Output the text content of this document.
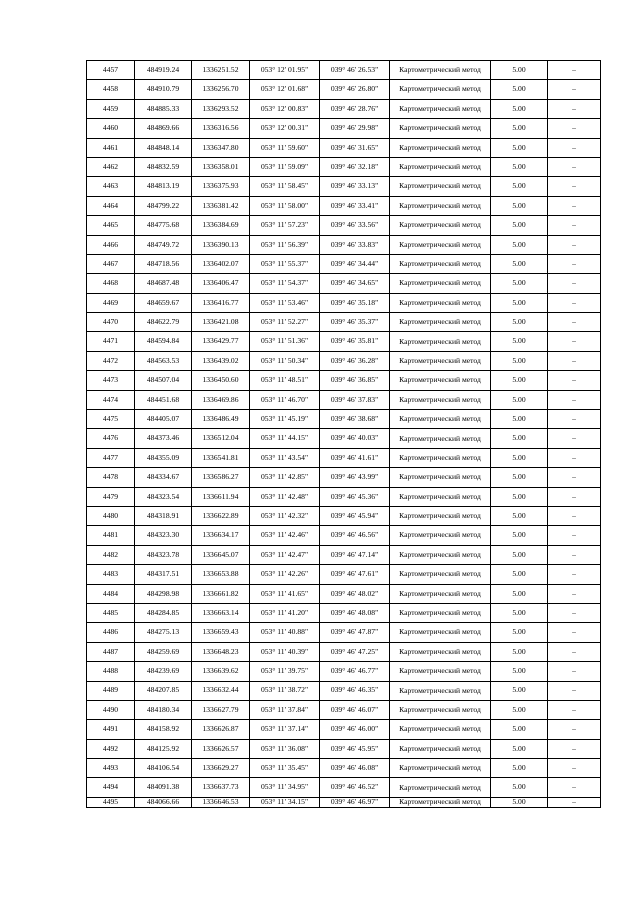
4457	484919.24	1336251.52	053° 12' 01.95"	039° 46' 26.53"	Картометрический метод	5.00	–
4458	484910.79	1336256.70	053° 12' 01.68"	039° 46' 26.80"	Картометрический метод	5.00	–
4459	484885.33	1336293.52	053° 12' 00.83"	039° 46' 28.76"	Картометрический метод	5.00	–
4460	484869.66	1336316.56	053° 12' 00.31"	039° 46' 29.98"	Картометрический метод	5.00	–
4461	484848.14	1336347.80	053° 11' 59.60"	039° 46' 31.65"	Картометрический метод	5.00	–
4462	484832.59	1336358.01	053° 11' 59.09"	039° 46' 32.18"	Картометрический метод	5.00	–
4463	484813.19	1336375.93	053° 11' 58.45"	039° 46' 33.13"	Картометрический метод	5.00	–
4464	484799.22	1336381.42	053° 11' 58.00"	039° 46' 33.41"	Картометрический метод	5.00	–
4465	484775.68	1336384.69	053° 11' 57.23"	039° 46' 33.56"	Картометрический метод	5.00	–
4466	484749.72	1336390.13	053° 11' 56.39"	039° 46' 33.83"	Картометрический метод	5.00	–
4467	484718.56	1336402.07	053° 11' 55.37"	039° 46' 34.44"	Картометрический метод	5.00	–
4468	484687.48	1336406.47	053° 11' 54.37"	039° 46' 34.65"	Картометрический метод	5.00	–
4469	484659.67	1336416.77	053° 11' 53.46"	039° 46' 35.18"	Картометрический метод	5.00	–
4470	484622.79	1336421.08	053° 11' 52.27"	039° 46' 35.37"	Картометрический метод	5.00	–
4471	484594.84	1336429.77	053° 11' 51.36"	039° 46' 35.81"	Картометрический метод	5.00	–
4472	484563.53	1336439.02	053° 11' 50.34"	039° 46' 36.28"	Картометрический метод	5.00	–
4473	484507.04	1336450.60	053° 11' 48.51"	039° 46' 36.85"	Картометрический метод	5.00	–
4474	484451.68	1336469.86	053° 11' 46.70"	039° 46' 37.83"	Картометрический метод	5.00	–
4475	484405.07	1336486.49	053° 11' 45.19"	039° 46' 38.68"	Картометрический метод	5.00	–
4476	484373.46	1336512.04	053° 11' 44.15"	039° 46' 40.03"	Картометрический метод	5.00	–
4477	484355.09	1336541.81	053° 11' 43.54"	039° 46' 41.61"	Картометрический метод	5.00	–
4478	484334.67	1336586.27	053° 11' 42.85"	039° 46' 43.99"	Картометрический метод	5.00	–
4479	484323.54	1336611.94	053° 11' 42.48"	039° 46' 45.36"	Картометрический метод	5.00	–
4480	484318.91	1336622.89	053° 11' 42.32"	039° 46' 45.94"	Картометрический метод	5.00	–
4481	484323.30	1336634.17	053° 11' 42.46"	039° 46' 46.56"	Картометрический метод	5.00	–
4482	484323.78	1336645.07	053° 11' 42.47"	039° 46' 47.14"	Картометрический метод	5.00	–
4483	484317.51	1336653.88	053° 11' 42.26"	039° 46' 47.61"	Картометрический метод	5.00	–
4484	484298.98	1336661.82	053° 11' 41.65"	039° 46' 48.02"	Картометрический метод	5.00	–
4485	484284.85	1336663.14	053° 11' 41.20"	039° 46' 48.08"	Картометрический метод	5.00	–
4486	484275.13	1336659.43	053° 11' 40.88"	039° 46' 47.87"	Картометрический метод	5.00	–
4487	484259.69	1336648.23	053° 11' 40.39"	039° 46' 47.25"	Картометрический метод	5.00	–
4488	484239.69	1336639.62	053° 11' 39.75"	039° 46' 46.77"	Картометрический метод	5.00	–
4489	484207.85	1336632.44	053° 11' 38.72"	039° 46' 46.35"	Картометрический метод	5.00	–
4490	484180.34	1336627.79	053° 11' 37.84"	039° 46' 46.07"	Картометрический метод	5.00	–
4491	484158.92	1336626.87	053° 11' 37.14"	039° 46' 46.00"	Картометрический метод	5.00	–
4492	484125.92	1336626.57	053° 11' 36.08"	039° 46' 45.95"	Картометрический метод	5.00	–
4493	484106.54	1336629.27	053° 11' 35.45"	039° 46' 46.08"	Картометрический метод	5.00	–
4494	484091.38	1336637.73	053° 11' 34.95"	039° 46' 46.52"	Картометрический метод	5.00	–
4495	484066.66	1336646.53	053° 11' 34.15"	039° 46' 46.97"	Картометрический метод	5.00	–
